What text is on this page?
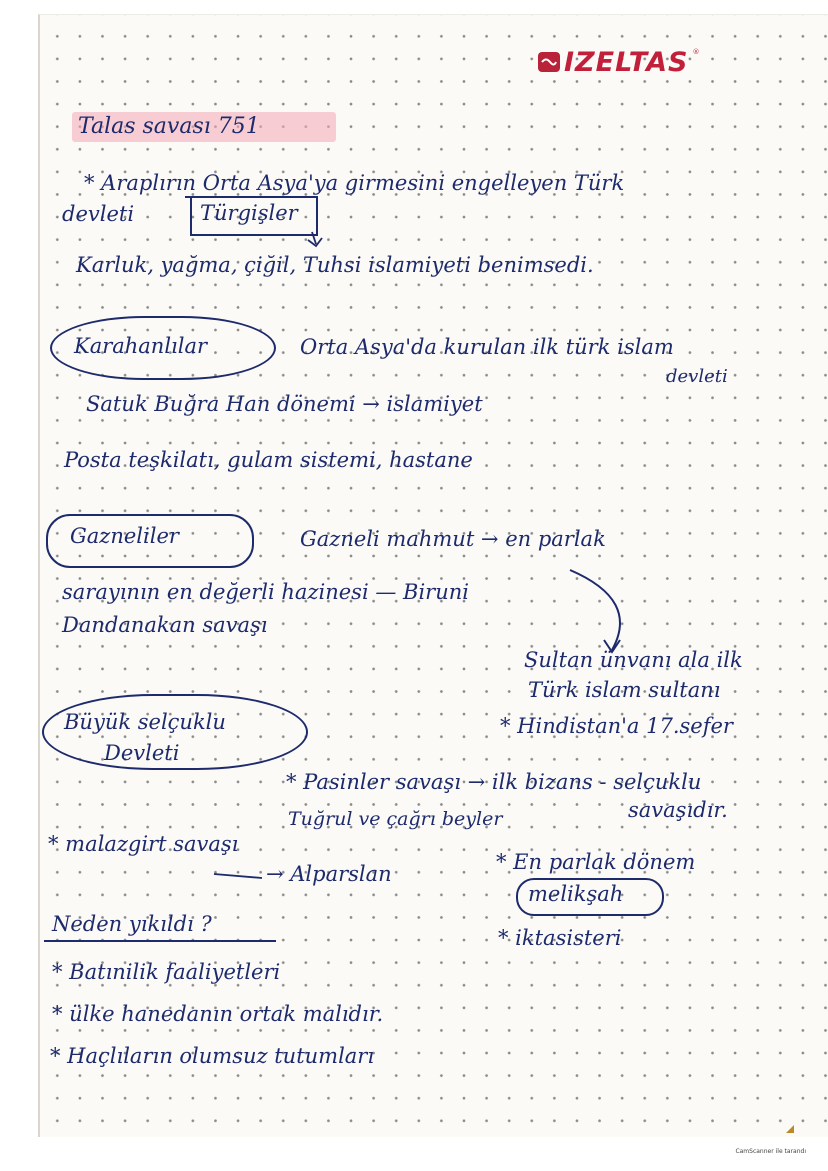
IZELTAS ®
Talas savası 751
* Araplırın Orta Asya'ya girmesini engelleyen Türk
devleti	Türgişler
Karluk, yağma, çiğil, Tuhsi islamiyeti benimsedi.
Karahanlılar	Orta Asya'da kurulan ilk türk islam
devleti
Satuk Buğra Han dönemi → islamiyet
Posta teşkilatı, gulam sistemi, hastane
Gazneliler	Gazneli mahmut → en parlak
sarayının en değerli hazinesi — Biruni
Dandanakan savaşı
Sultan ünvanı ala ilk
Türk islam sultanı
Büyük selçuklu
Devleti
* Hindistan'a 17.sefer
* Pasinler savaşı → ilk bizans - selçuklu
savaşıdır.
Tuğrul ve çağrı beyler
* malazgirt savaşı
→ Alparslan	* En parlak dönem
melikşah
Neden yıkıldı ?
* iktasisteri
* Batınilik faaliyetleri
* ülke hanedanın ortak malıdır.
* Haçlıların olumsuz tutumları
CamScanner ile tarandı
